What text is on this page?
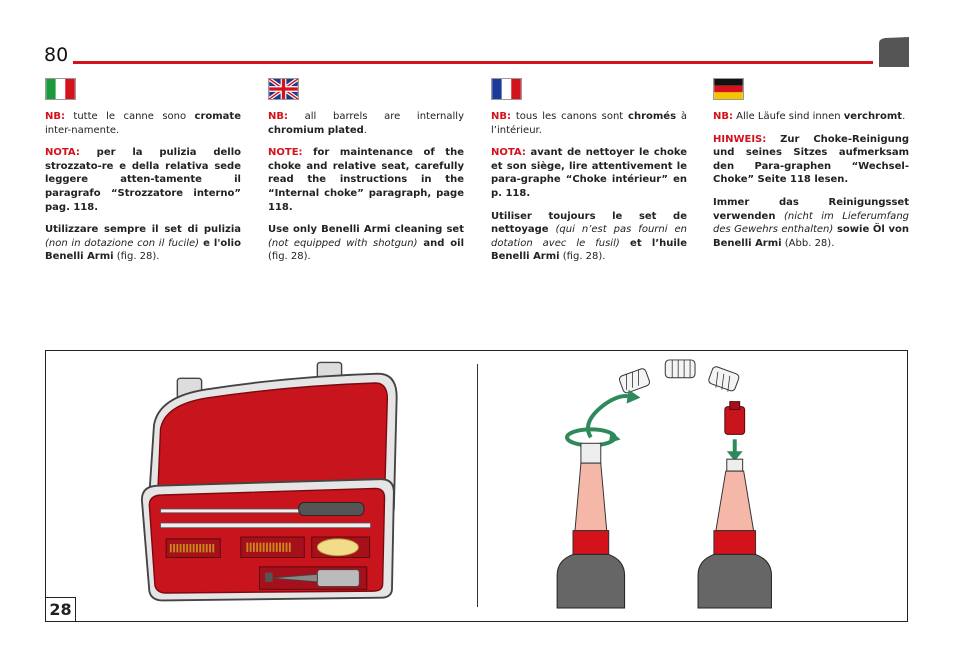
80

NB: tutte le canne sono cromate inter-namente.

NOTA: per la pulizia dello strozzato-re e della relativa sede leggere atten-tamente il paragrafo “Strozzatore interno” pag. 118.

Utilizzare sempre il set di pulizia (non in dotazione con il fucile) e l'olio Benelli Armi (fig. 28).

NB: all barrels are internally chromium plated.

NOTE: for maintenance of the choke and relative seat, carefully read the instructions in the “Internal choke” paragraph, page 118.

Use only Benelli Armi cleaning set (not equipped with shotgun) and oil (fig. 28).

NB: tous les canons sont chromés à l’intérieur.

NOTA: avant de nettoyer le choke et son siège, lire attentivement le para-graphe “Choke intérieur” en p. 118.

Utiliser toujours le set de nettoyage (qui n’est pas fourni en dotation avec le fusil) et l’huile Benelli Armi (fig. 28).

NB: Alle Läufe sind innen verchromt.

HINWEIS: Zur Choke-Reinigung und seines Sitzes aufmerksam den Para-graphen “Wechsel-Choke” Seite 118 lesen.

Immer das Reinigungsset verwenden (nicht im Lieferumfang des Gewehrs enthalten) sowie Öl von Benelli Armi (Abb. 28).

28
